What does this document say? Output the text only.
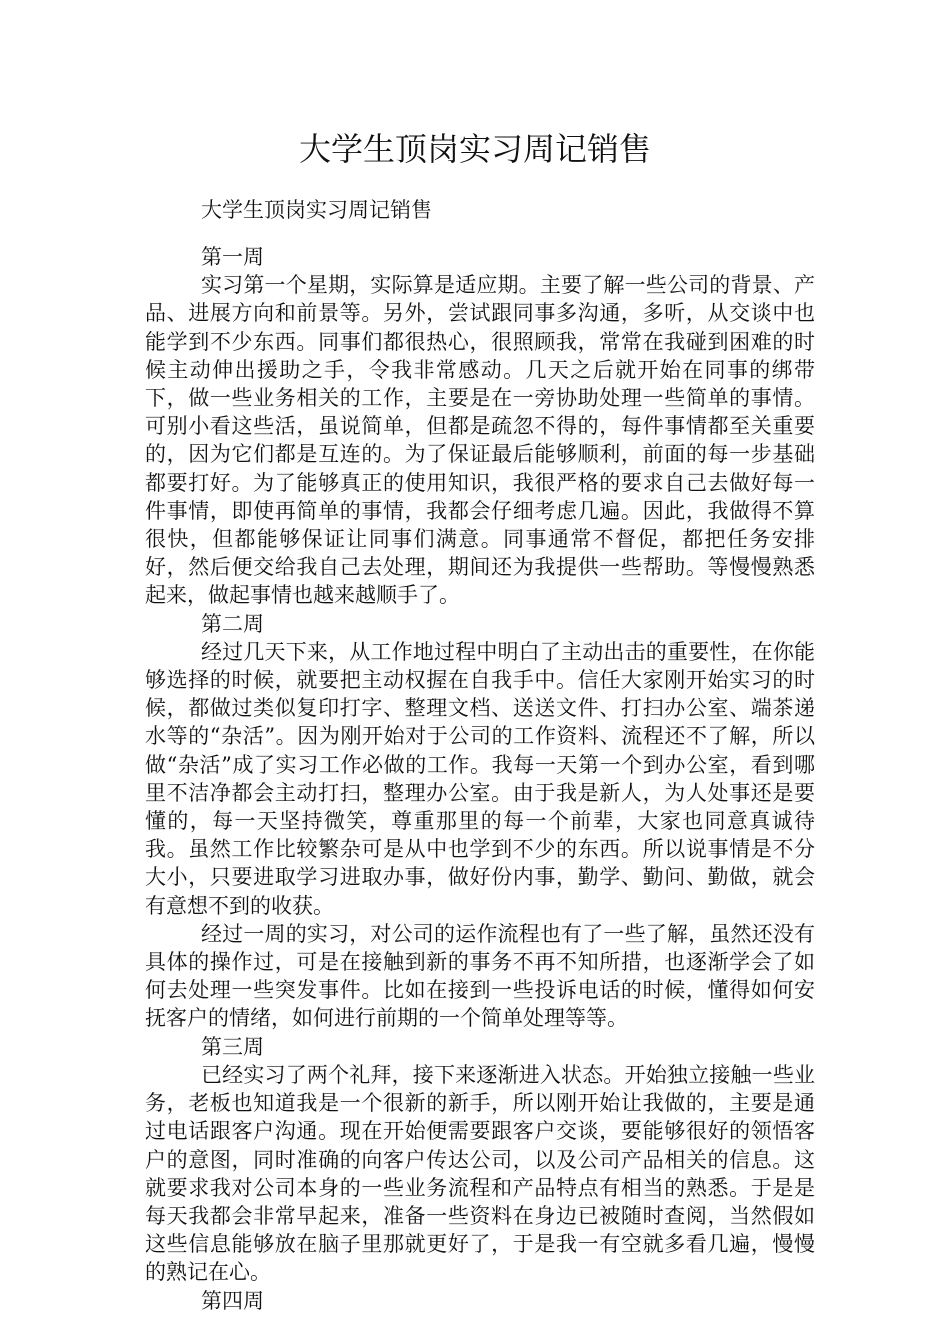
大学生顶岗实习周记销售

大学生顶岗实习周记销售

第一周

实习第一个星期，实际算是适应期。主要了解一些公司的背景、产品、进展方向和前景等。另外，尝试跟同事多沟通，多听，从交谈中也能学到不少东西。同事们都很热心，很照顾我，常常在我碰到困难的时候主动伸出援助之手，令我非常感动。几天之后就开始在同事的绑带下，做一些业务相关的工作，主要是在一旁协助处理一些简单的事情。可别小看这些活，虽说简单，但都是疏忽不得的，每件事情都至关重要的，因为它们都是互连的。为了保证最后能够顺利，前面的每一步基础都要打好。为了能够真正的使用知识，我很严格的要求自己去做好每一件事情，即使再简单的事情，我都会仔细考虑几遍。因此，我做得不算很快，但都能够保证让同事们满意。同事通常不督促，都把任务安排好，然后便交给我自己去处理，期间还为我提供一些帮助。等慢慢熟悉起来，做起事情也越来越顺手了。

第二周

经过几天下来，从工作地过程中明白了主动出击的重要性，在你能够选择的时候，就要把主动权握在自我手中。信任大家刚开始实习的时候，都做过类似复印打字、整理文档、送送文件、打扫办公室、端茶递水等的“杂活”。因为刚开始对于公司的工作资料、流程还不了解，所以做“杂活”成了实习工作必做的工作。我每一天第一个到办公室，看到哪里不洁净都会主动打扫，整理办公室。由于我是新人，为人处事还是要懂的，每一天坚持微笑，尊重那里的每一个前辈，大家也同意真诚待我。虽然工作比较繁杂可是从中也学到不少的东西。所以说事情是不分大小，只要进取学习进取办事，做好份内事，勤学、勤问、勤做，就会有意想不到的收获。

经过一周的实习，对公司的运作流程也有了一些了解，虽然还没有具体的操作过，可是在接触到新的事务不再不知所措，也逐渐学会了如何去处理一些突发事件。比如在接到一些投诉电话的时候，懂得如何安抚客户的情绪，如何进行前期的一个简单处理等等。

第三周

已经实习了两个礼拜，接下来逐渐进入状态。开始独立接触一些业务，老板也知道我是一个很新的新手，所以刚开始让我做的，主要是通过电话跟客户沟通。现在开始便需要跟客户交谈，要能够很好的领悟客户的意图，同时准确的向客户传达公司，以及公司产品相关的信息。这就要求我对公司本身的一些业务流程和产品特点有相当的熟悉。于是是每天我都会非常早起来，准备一些资料在身边已被随时查阅，当然假如这些信息能够放在脑子里那就更好了，于是我一有空就多看几遍，慢慢的熟记在心。

第四周
